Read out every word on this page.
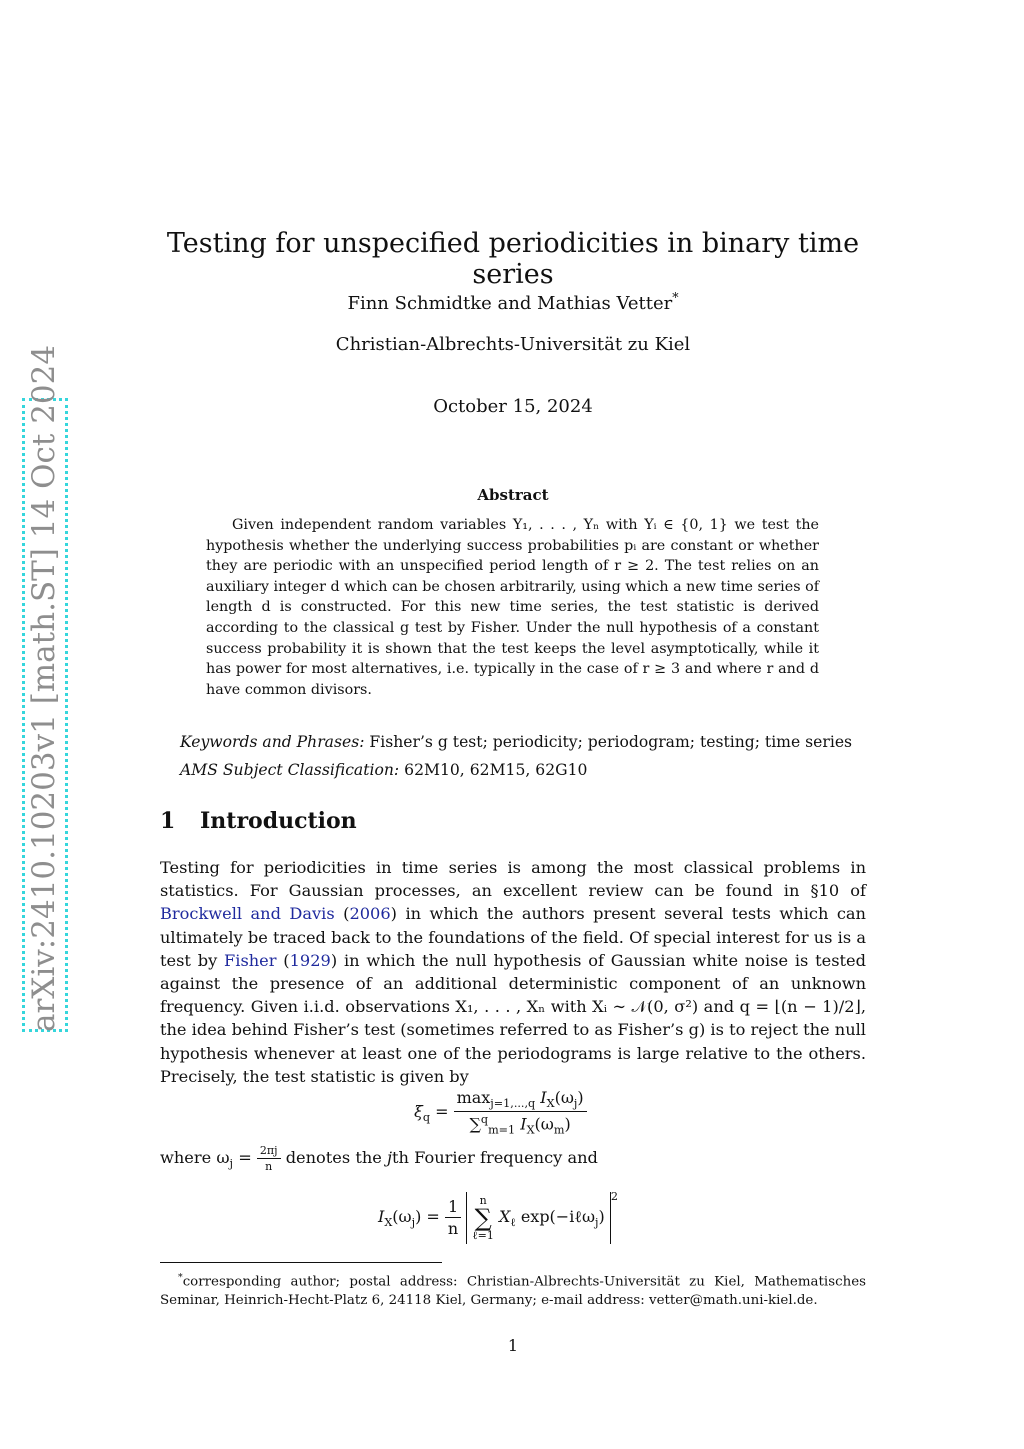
arXiv:2410.10203v1 [math.ST] 14 Oct 2024
Testing for unspecified periodicities in binary time series
Finn Schmidtke and Mathias Vetter*
Christian-Albrechts-Universität zu Kiel
October 15, 2024
Abstract

Given independent random variables Y₁, . . . , Yₙ with Yᵢ ∈ {0, 1} we test the hypothesis whether the underlying success probabilities pᵢ are constant or whether they are periodic with an unspecified period length of r ≥ 2. The test relies on an auxiliary integer d which can be chosen arbitrarily, using which a new time series of length d is constructed. For this new time series, the test statistic is derived according to the classical g test by Fisher. Under the null hypothesis of a constant success probability it is shown that the test keeps the level asymptotically, while it has power for most alternatives, i.e. typically in the case of r ≥ 3 and where r and d have common divisors.

Keywords and Phrases: Fisher’s g test; periodicity; periodogram; testing; time series
AMS Subject Classification: 62M10, 62M15, 62G10
1 Introduction

Testing for periodicities in time series is among the most classical problems in statistics. For Gaussian processes, an excellent review can be found in §10 of Brockwell and Davis (2006) in which the authors present several tests which can ultimately be traced back to the foundations of the field. Of special interest for us is a test by Fisher (1929) in which the null hypothesis of Gaussian white noise is tested against the presence of an additional deterministic component of an unknown frequency. Given i.i.d. observations X₁, . . . , Xₙ with Xᵢ ∼ 𝒩(0, σ²) and q = ⌊(n − 1)/2⌋, the idea behind Fisher’s test (sometimes referred to as Fisher’s g) is to reject the null hypothesis whenever at least one of the periodograms is large relative to the others. Precisely, the test statistic is given by

$\xi_q = \frac{\max_{j=1,...,q} I_X(\omega_j)}{\sum^q_{m=1} I_X(\omega_m)}$
where $\omega_j = \frac{2\pi j}{n}$ denotes the jth Fourier frequency and
$I_X(\omega_j) = \frac{1}{n}$
	n
∑
ℓ=1
$X_\ell$ exp(−iℓω$_j$) $^2$

*corresponding author; postal address: Christian-Albrechts-Universität zu Kiel, Mathematisches Seminar, Heinrich-Hecht-Platz 6, 24118 Kiel, Germany; e-mail address: vetter@math.uni-kiel.de.

1
